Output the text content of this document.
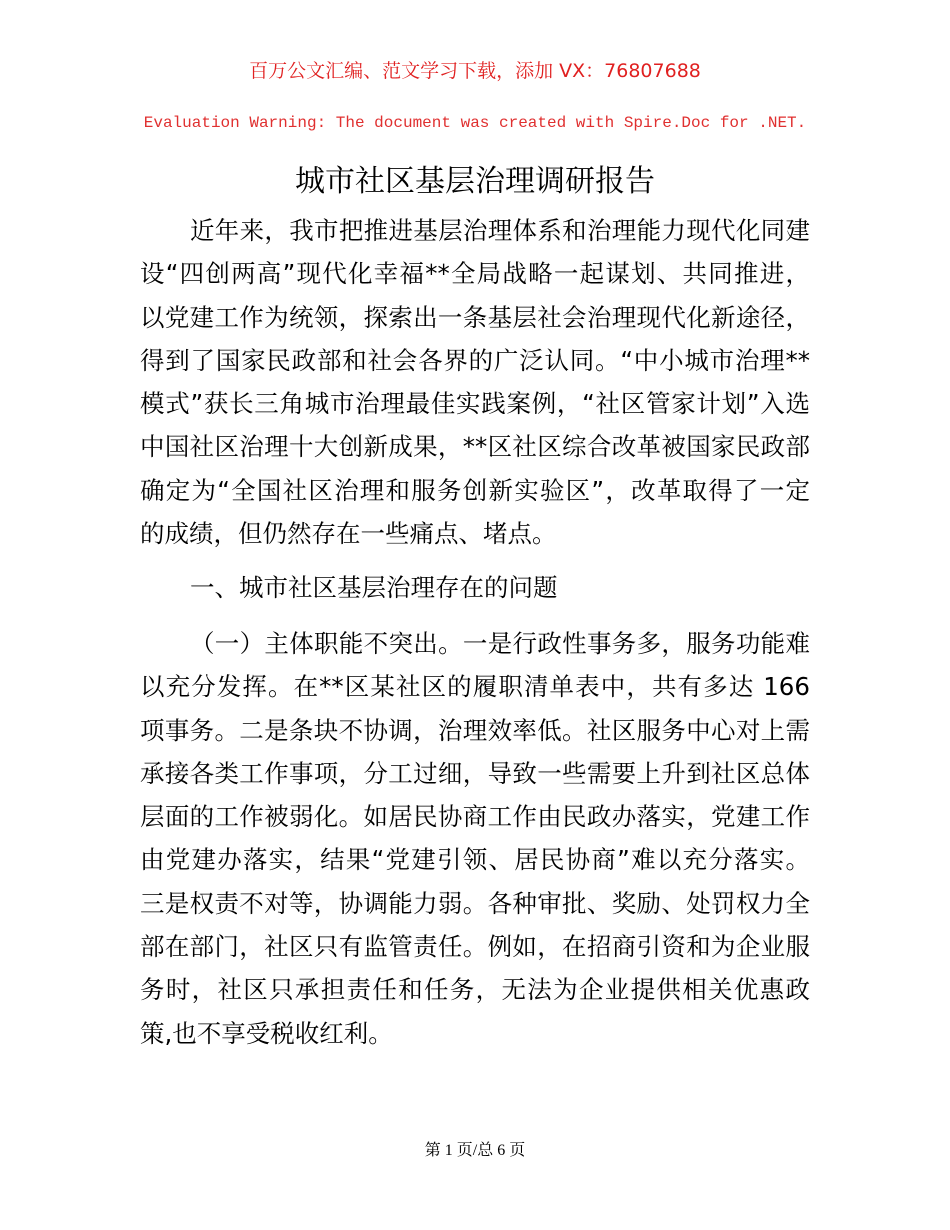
百万公文汇编、范文学习下载，添加 VX：76807688
Evaluation Warning: The document was created with Spire.Doc for .NET.
城市社区基层治理调研报告
近年来，我市把推进基层治理体系和治理能力现代化同建
设“四创两高”现代化幸福**全局战略一起谋划、共同推进，
以党建工作为统领，探索出一条基层社会治理现代化新途径，
得到了国家民政部和社会各界的广泛认同。“中小城市治理**
模式”获长三角城市治理最佳实践案例，“社区管家计划”入选
中国社区治理十大创新成果，**区社区综合改革被国家民政部
确定为“全国社区治理和服务创新实验区”，改革取得了一定
的成绩，但仍然存在一些痛点、堵点。
一、城市社区基层治理存在的问题
（一）主体职能不突出。一是行政性事务多，服务功能难
以充分发挥。在**区某社区的履职清单表中，共有多达 166
项事务。二是条块不协调，治理效率低。社区服务中心对上需
承接各类工作事项，分工过细，导致一些需要上升到社区总体
层面的工作被弱化。如居民协商工作由民政办落实，党建工作
由党建办落实，结果“党建引领、居民协商”难以充分落实。
三是权责不对等，协调能力弱。各种审批、奖励、处罚权力全
部在部门，社区只有监管责任。例如，在招商引资和为企业服
务时，社区只承担责任和任务，无法为企业提供相关优惠政
策,也不享受税收红利。
第 1 页/总 6 页
